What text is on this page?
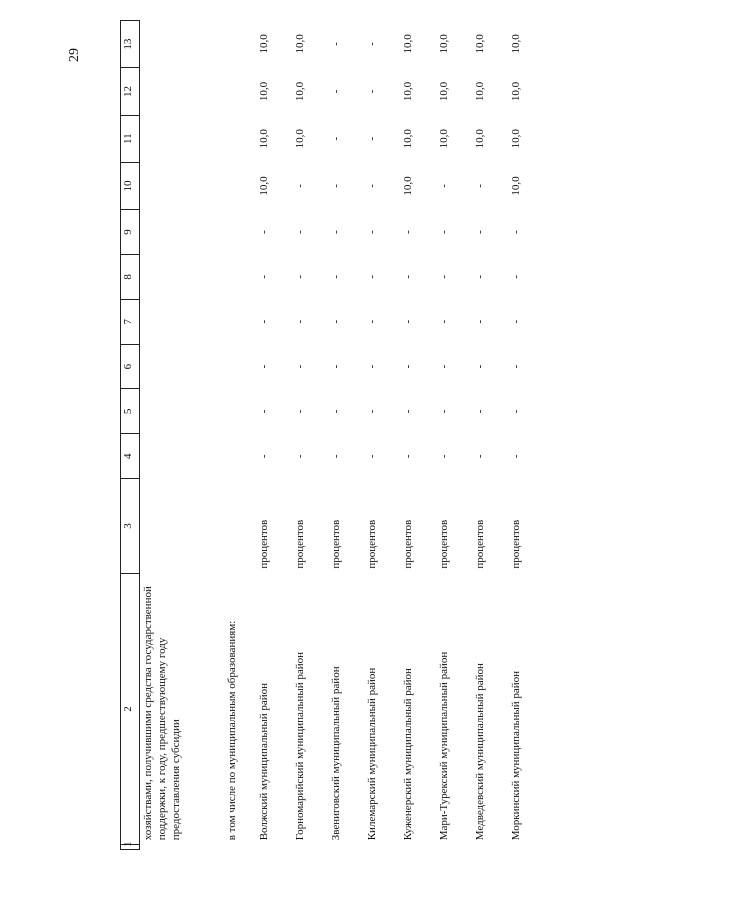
29
1	2	3	4	5	6	7	8	9	10	11	12	13
	хозяйствами, получившими средства государственной поддержки, к году, предшествующему году предоставления субсидии											
	в том числе по муниципальным образованиям:											
	Волжский муниципальный район	процентов	-	-	-	-	-	-	10,0	10,0	10,0	10,0
	Горномарийский муниципальный район	процентов	-	-	-	-	-	-	-	10,0	10,0	10,0
	Звениговский муниципальный район	процентов	-	-	-	-	-	-	-	-	-	-
	Килемарский муниципальный район	процентов	-	-	-	-	-	-	-	-	-	-
	Куженерский муниципальный район	процентов	-	-	-	-	-	-	10,0	10,0	10,0	10,0
	Мари-Турекский муниципальный район	процентов	-	-	-	-	-	-	-	10,0	10,0	10,0
	Медведевский муниципальный район	процентов	-	-	-	-	-	-	-	10,0	10,0	10,0
	Моркинский муниципальный район	процентов	-	-	-	-	-	-	10,0	10,0	10,0	10,0
